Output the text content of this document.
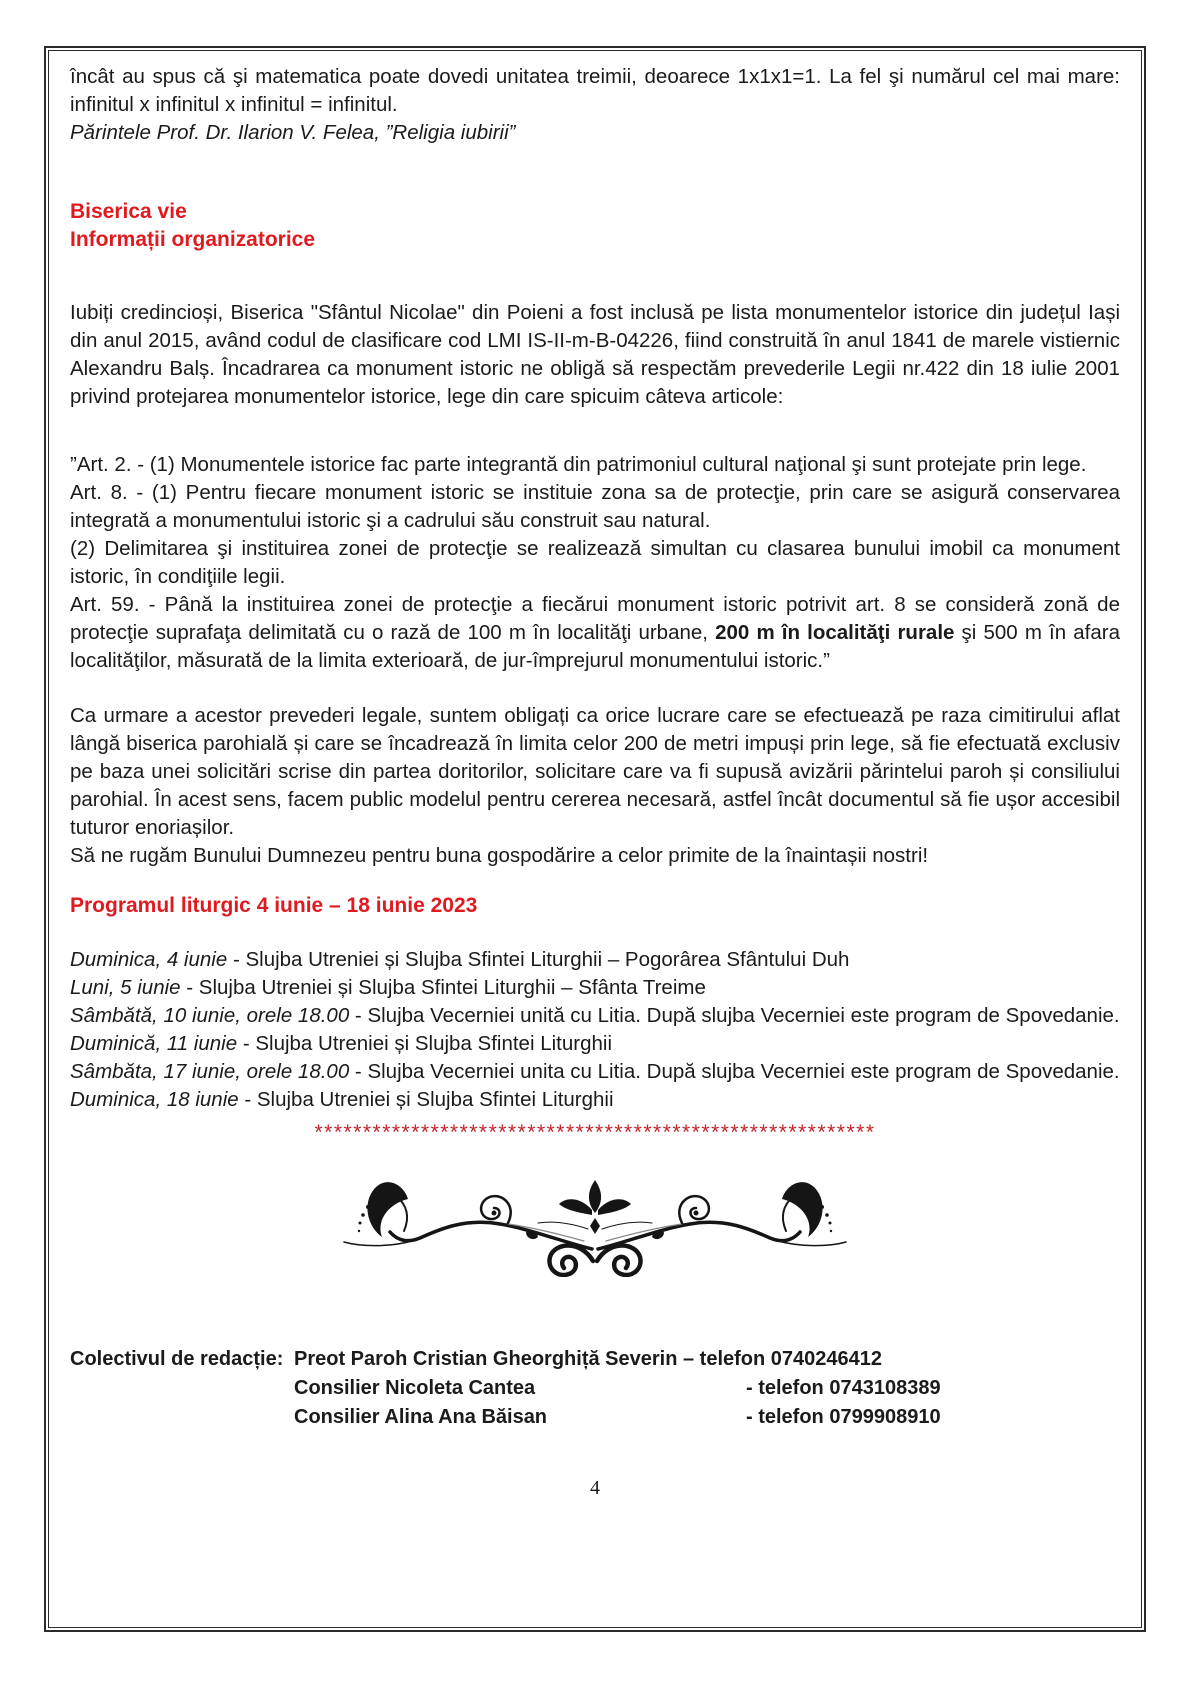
încât au spus că şi matematica poate dovedi unitatea treimii, deoarece 1x1x1=1. La fel şi numărul cel mai mare: infinitul x infinitul x infinitul = infinitul.

Părintele Prof. Dr. Ilarion V. Felea, ”Religia iubirii”

Biserica vie
Informații organizatorice

Iubiți credincioși, Biserica "Sfântul Nicolae" din Poieni a fost inclusă pe lista monumentelor istorice din județul Iași din anul 2015, având codul de clasificare cod LMI IS-II-m-B-04226, fiind construită în anul 1841 de marele vistiernic Alexandru Balș. Încadrarea ca monument istoric ne obligă să respectăm prevederile Legii nr.422 din 18 iulie 2001 privind protejarea monumentelor istorice, lege din care spicuim câteva articole:

”Art. 2. - (1) Monumentele istorice fac parte integrantă din patrimoniul cultural naţional şi sunt protejate prin lege.

Art. 8. - (1) Pentru fiecare monument istoric se instituie zona sa de protecţie, prin care se asigură conservarea integrată a monumentului istoric şi a cadrului său construit sau natural.

(2) Delimitarea şi instituirea zonei de protecţie se realizează simultan cu clasarea bunului imobil ca monument istoric, în condiţiile legii.

Art. 59. - Până la instituirea zonei de protecţie a fiecărui monument istoric potrivit art. 8 se consideră zonă de protecţie suprafaţa delimitată cu o rază de 100 m în localităţi urbane, 200 m în localităţi rurale şi 500 m în afara localităţilor, măsurată de la limita exterioară, de jur-împrejurul monumentului istoric.”

Ca urmare a acestor prevederi legale, suntem obligați ca orice lucrare care se efectuează pe raza cimitirului aflat lângă biserica parohială și care se încadrează în limita celor 200 de metri impuși prin lege, să fie efectuată exclusiv pe baza unei solicitări scrise din partea doritorilor, solicitare care va fi supusă avizării părintelui paroh și consiliului parohial. În acest sens, facem public modelul pentru cererea necesară, astfel încât documentul să fie ușor accesibil tuturor enoriașilor.

Să ne rugăm Bunului Dumnezeu pentru buna gospodărire a celor primite de la înaintașii nostri!

Programul liturgic 4 iunie – 18 iunie 2023

Duminica, 4 iunie - Slujba Utreniei și Slujba Sfintei Liturghii – Pogorârea Sfântului Duh

Luni, 5 iunie - Slujba Utreniei și Slujba Sfintei Liturghii – Sfânta Treime

Sâmbătă, 10 iunie, orele 18.00 - Slujba Vecerniei unită cu Litia. După slujba Vecerniei este program de Spovedanie.

Duminică, 11 iunie - Slujba Utreniei și Slujba Sfintei Liturghii

Sâmbăta, 17 iunie, orele 18.00 - Slujba Vecerniei unita cu Litia. După slujba Vecerniei este program de Spovedanie.

Duminica, 18 iunie - Slujba Utreniei și Slujba Sfintei Liturghii

**********************************************************
Colectivul de redacție: Preot Paroh Cristian Gheorghiță Severin – telefon 0740246412
Consilier Nicoleta Cantea	- telefon 0743108389
Consilier Alina Ana Băisan	- telefon 0799908910
4
